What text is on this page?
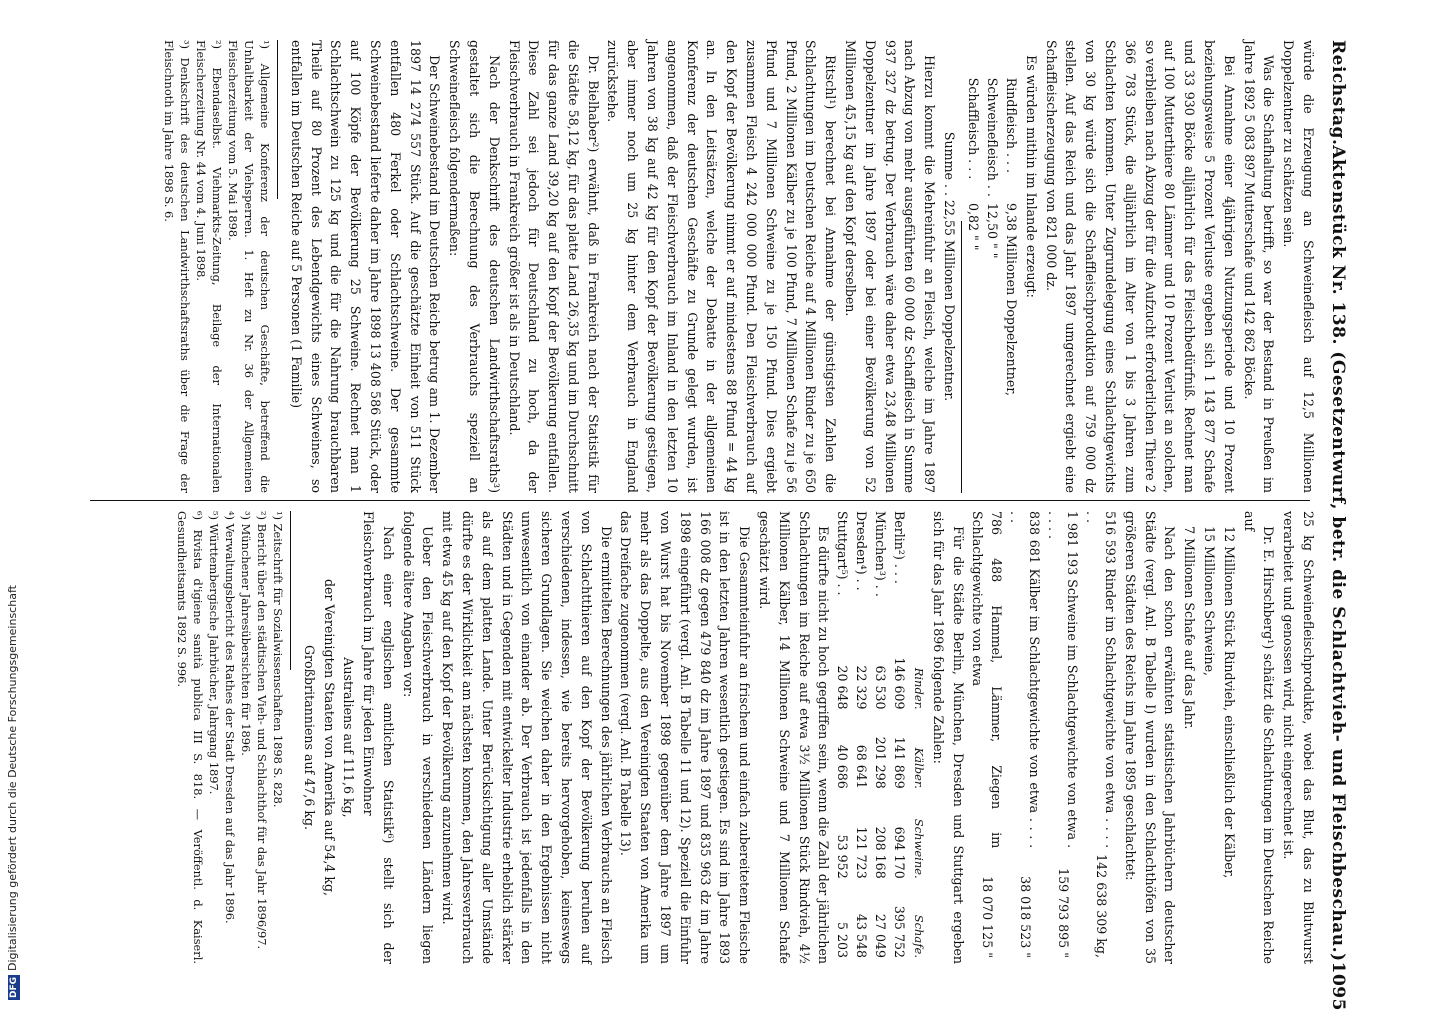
Reichstag.
Aktenstück Nr. 138. (Gesetzentwurf, betr. die Schlachtvieh- und Fleischbeschau.)
1095

würde die Erzeugung an Schweinefleisch auf 12,5 Millionen Doppelzentner zu schätzen sein.

Was die Schafhaltung betrifft, so war der Bestand in Preußen im Jahre 1892 5 083 897 Mutterschafe und 142 862 Böcke.

Bei Annahme einer 4jährigen Nutzungsperiode und 10 Prozent beziehungsweise 5 Prozent Verluste ergeben sich 1 143 877 Schafe und 33 930 Böcke alljährlich für das Fleischbedürfniß. Rechnet man auf 100 Mutterthiere 80 Lämmer und 10 Prozent Verlust an solchen, so verbleiben nach Abzug der für die Aufzucht erforderlichen Thiere 2 366 783 Stück, die alljährlich im Alter von 1 bis 3 Jahren zum Schlachten kommen. Unter Zugrundelegung eines Schlachtgewichts von 30 kg würde sich die Schaffleischproduktion auf 759 000 dz stellen. Auf das Reich und das Jahr 1897 umgerechnet ergiebt eine Schaffleischerzeugung von 821 000 dz.

Es würden mithin im Inlande erzeugt:

Rindfleisch . . .	9,38 Millionen Doppelzentner,
Schweinefleisch . .	12,50 " "
Schaffleisch . . .	0,82 " "

Summe . . 22,55 Millionen Doppelzentner.

Hierzu kommt die Mehreinfuhr an Fleisch, welche im Jahre 1897 nach Abzug von mehr ausgeführten 60 000 dz Schaffleisch in Summe 937 327 dz betrug. Der Verbrauch wäre daher etwa 23,48 Millionen Doppelzentner im Jahre 1897 oder bei einer Bevölkerung von 52 Millionen 45,15 kg auf den Kopf derselben.

Ritschl¹) berechnet bei Annahme der günstigsten Zahlen die Schlachtungen im Deutschen Reiche auf 4 Millionen Rinder zu je 650 Pfund, 2 Millionen Kälber zu je 100 Pfund, 7 Millionen Schafe zu je 56 Pfund und 7 Millionen Schweine zu je 150 Pfund. Dies ergiebt zusammen Fleisch 4 242 000 000 Pfund. Den Fleischverbrauch auf den Kopf der Bevölkerung nimmt er auf mindestens 88 Pfund = 44 kg an. In den Leitsätzen, welche der Debatte in der allgemeinen Konferenz der deutschen Geschäfte zu Grunde gelegt wurden, ist angenommen, daß der Fleischverbrauch im Inland in den letzten 10 Jahren von 38 kg auf 42 kg für den Kopf der Bevölkerung gestiegen, aber immer noch um 25 kg hinter dem Verbrauch in England zurückstehe.

Dr. Bielhaber²) erwähnt, daß in Frankreich nach der Statistik für die Städte 58,12 kg, für das platte Land 26,35 kg und im Durchschnitt für das ganze Land 39,20 kg auf den Kopf der Bevölkerung entfallen. Diese Zahl sei jedoch für Deutschland zu hoch, da der Fleischverbrauch in Frankreich größer ist als in Deutschland.

Nach der Denkschrift des deutschen Landwirthschaftsraths³) gestaltet sich die Berechnung des Verbrauchs speziell an Schweinefleisch folgendermaßen:

Der Schweinebestand im Deutschen Reiche betrug am 1. Dezember 1897 14 274 557 Stück. Auf die geschätzte Einheit von 511 Stück entfallen 480 Ferkel oder Schlachtschweine. Der gesammte Schweinebestand lieferte daher im Jahre 1898 13 408 586 Stück, oder auf 100 Köpfe der Bevölkerung 25 Schweine. Rechnet man 1 Schlachtschwein zu 125 kg und die für die Nahrung brauchbaren Theile auf 80 Prozent des Lebendgewichts eines Schweines, so entfallen im Deutschen Reiche auf 5 Personen (1 Familie)

¹) Allgemeine Konferenz der deutschen Geschäfte, betreffend die Unhaltbarkeit der Viehsperren. 1. Heft zu Nr. 36 der Allgemeinen Fleischerzeitung vom 5. Mai 1898.

²) Ebendaselbst. Viehmarkts-Zeitung, Beilage der Internationalen Fleischerzeitung Nr. 44 vom 4. Juni 1898.

³) Denkschrift des deutschen Landwirthschaftsraths über die Frage der Fleischnoth im Jahre 1898 S. 6.

25 kg Schweinefleischprodukte, wobei das Blut, das zu Blutwurst verarbeitet und genossen wird, nicht eingerechnet ist.

Dr. E. Hirschberg¹) schätzt die Schlachtungen im Deutschen Reiche auf

12 Millionen Stück Rindvieh, einschließlich der Kälber,

15 Millionen Schweine,

7 Millionen Schafe auf das Jahr.

Nach den schon erwähnten statistischen Jahrbüchern deutscher Städte (vergl. Anl. B Tabelle I) wurden in den Schlachthöfen von 35 größeren Städten des Reichs im Jahre 1895 geschlachtet:

516 593 Rinder im Schlachtgewichte von etwa . . . . . .	142 638 309 kg,
1 981 193 Schweine im Schlachtgewichte von etwa . . . . .	159 793 895 "
838 681 Kälber im Schlachtgewichte von etwa . . . . . .	38 018 523 "
786 488 Hammel, Lämmer, Ziegen im Schlachtgewichte von etwa	18 070 125 "

Für die Städte Berlin, München, Dresden und Stuttgart ergeben sich für das Jahr 1896 folgende Zahlen:

	Rinder.	Kälber.	Schweine.	Schafe.
Berlin²) . . .	146 609	141 869	694 170	395 752
München³) . .	63 530	201 298	208 168	27 049
Dresden⁴) . .	22 329	68 641	121 723	43 548
Stuttgart⁵) . .	20 648	40 686	53 952	5 203

Es dürfte nicht zu hoch gegriffen sein, wenn die Zahl der jährlichen Schlachtungen im Reiche auf etwa 3½ Millionen Stück Rindvieh, 4½ Millionen Kälber, 14 Millionen Schweine und 7 Millionen Schafe geschätzt wird.

Die Gesammteinfuhr an frischem und einfach zubereitetem Fleische ist in den letzten Jahren wesentlich gestiegen. Es sind im Jahre 1893 166 008 dz gegen 479 840 dz im Jahre 1897 und 835 963 dz im Jahre 1898 eingeführt (vergl. Anl. B Tabelle 11 und 12). Speziell die Einfuhr von Wurst hat bis November 1898 gegenüber dem Jahre 1897 um mehr als das Doppelte, aus den Vereinigten Staaten von Amerika um das Dreifache zugenommen (vergl. Anl. B Tabelle 13).

Die ermittelten Berechnungen des jährlichen Verbrauchs an Fleisch von Schlachtthieren auf den Kopf der Bevölkerung beruhen auf verschiedenen, indessen, wie bereits hervorgehoben, keineswegs sicheren Grundlagen. Sie weichen daher in den Ergebnissen nicht unwesentlich von einander ab. Der Verbrauch ist jedenfalls in den Städten und in Gegenden mit entwickelter Industrie erheblich stärker als auf dem platten Lande. Unter Berücksichtigung aller Umstände dürfte es der Wirklichkeit am nächsten kommen, den Jahresverbrauch mit etwa 45 kg auf den Kopf der Bevölkerung anzunehmen wird.

Ueber den Fleischverbrauch in verschiedenen Ländern liegen folgende ältere Angaben vor:

Nach einer englischen amtlichen Statistik⁶) stellt sich der Fleischverbrauch im Jahre für jeden Einwohner

Australiens auf 111,6 kg,

der Vereinigten Staaten von Amerika auf 54,4 kg,

Großbritanniens auf 47,6 kg.

¹) Zeitschrift für Sozialwissenschaften 1898 S. 828.

²) Bericht über den städtischen Vieh- und Schlachthof für das Jahr 1896/97.

³) Münchener Jahresübersichten für 1896.

⁴) Verwaltungsbericht des Rathes der Stadt Dresden auf das Jahr 1896.

⁵) Württembergische Jahrbücher, Jahrgang 1897.

⁶) Rivista d'igiene sanità publica III S. 818. — Veröffentl. d. Kaiserl. Gesundheitsamts 1892 S. 996.

DFGDigitalisierung gefördert durch die Deutsche Forschungsgemeinschaft
